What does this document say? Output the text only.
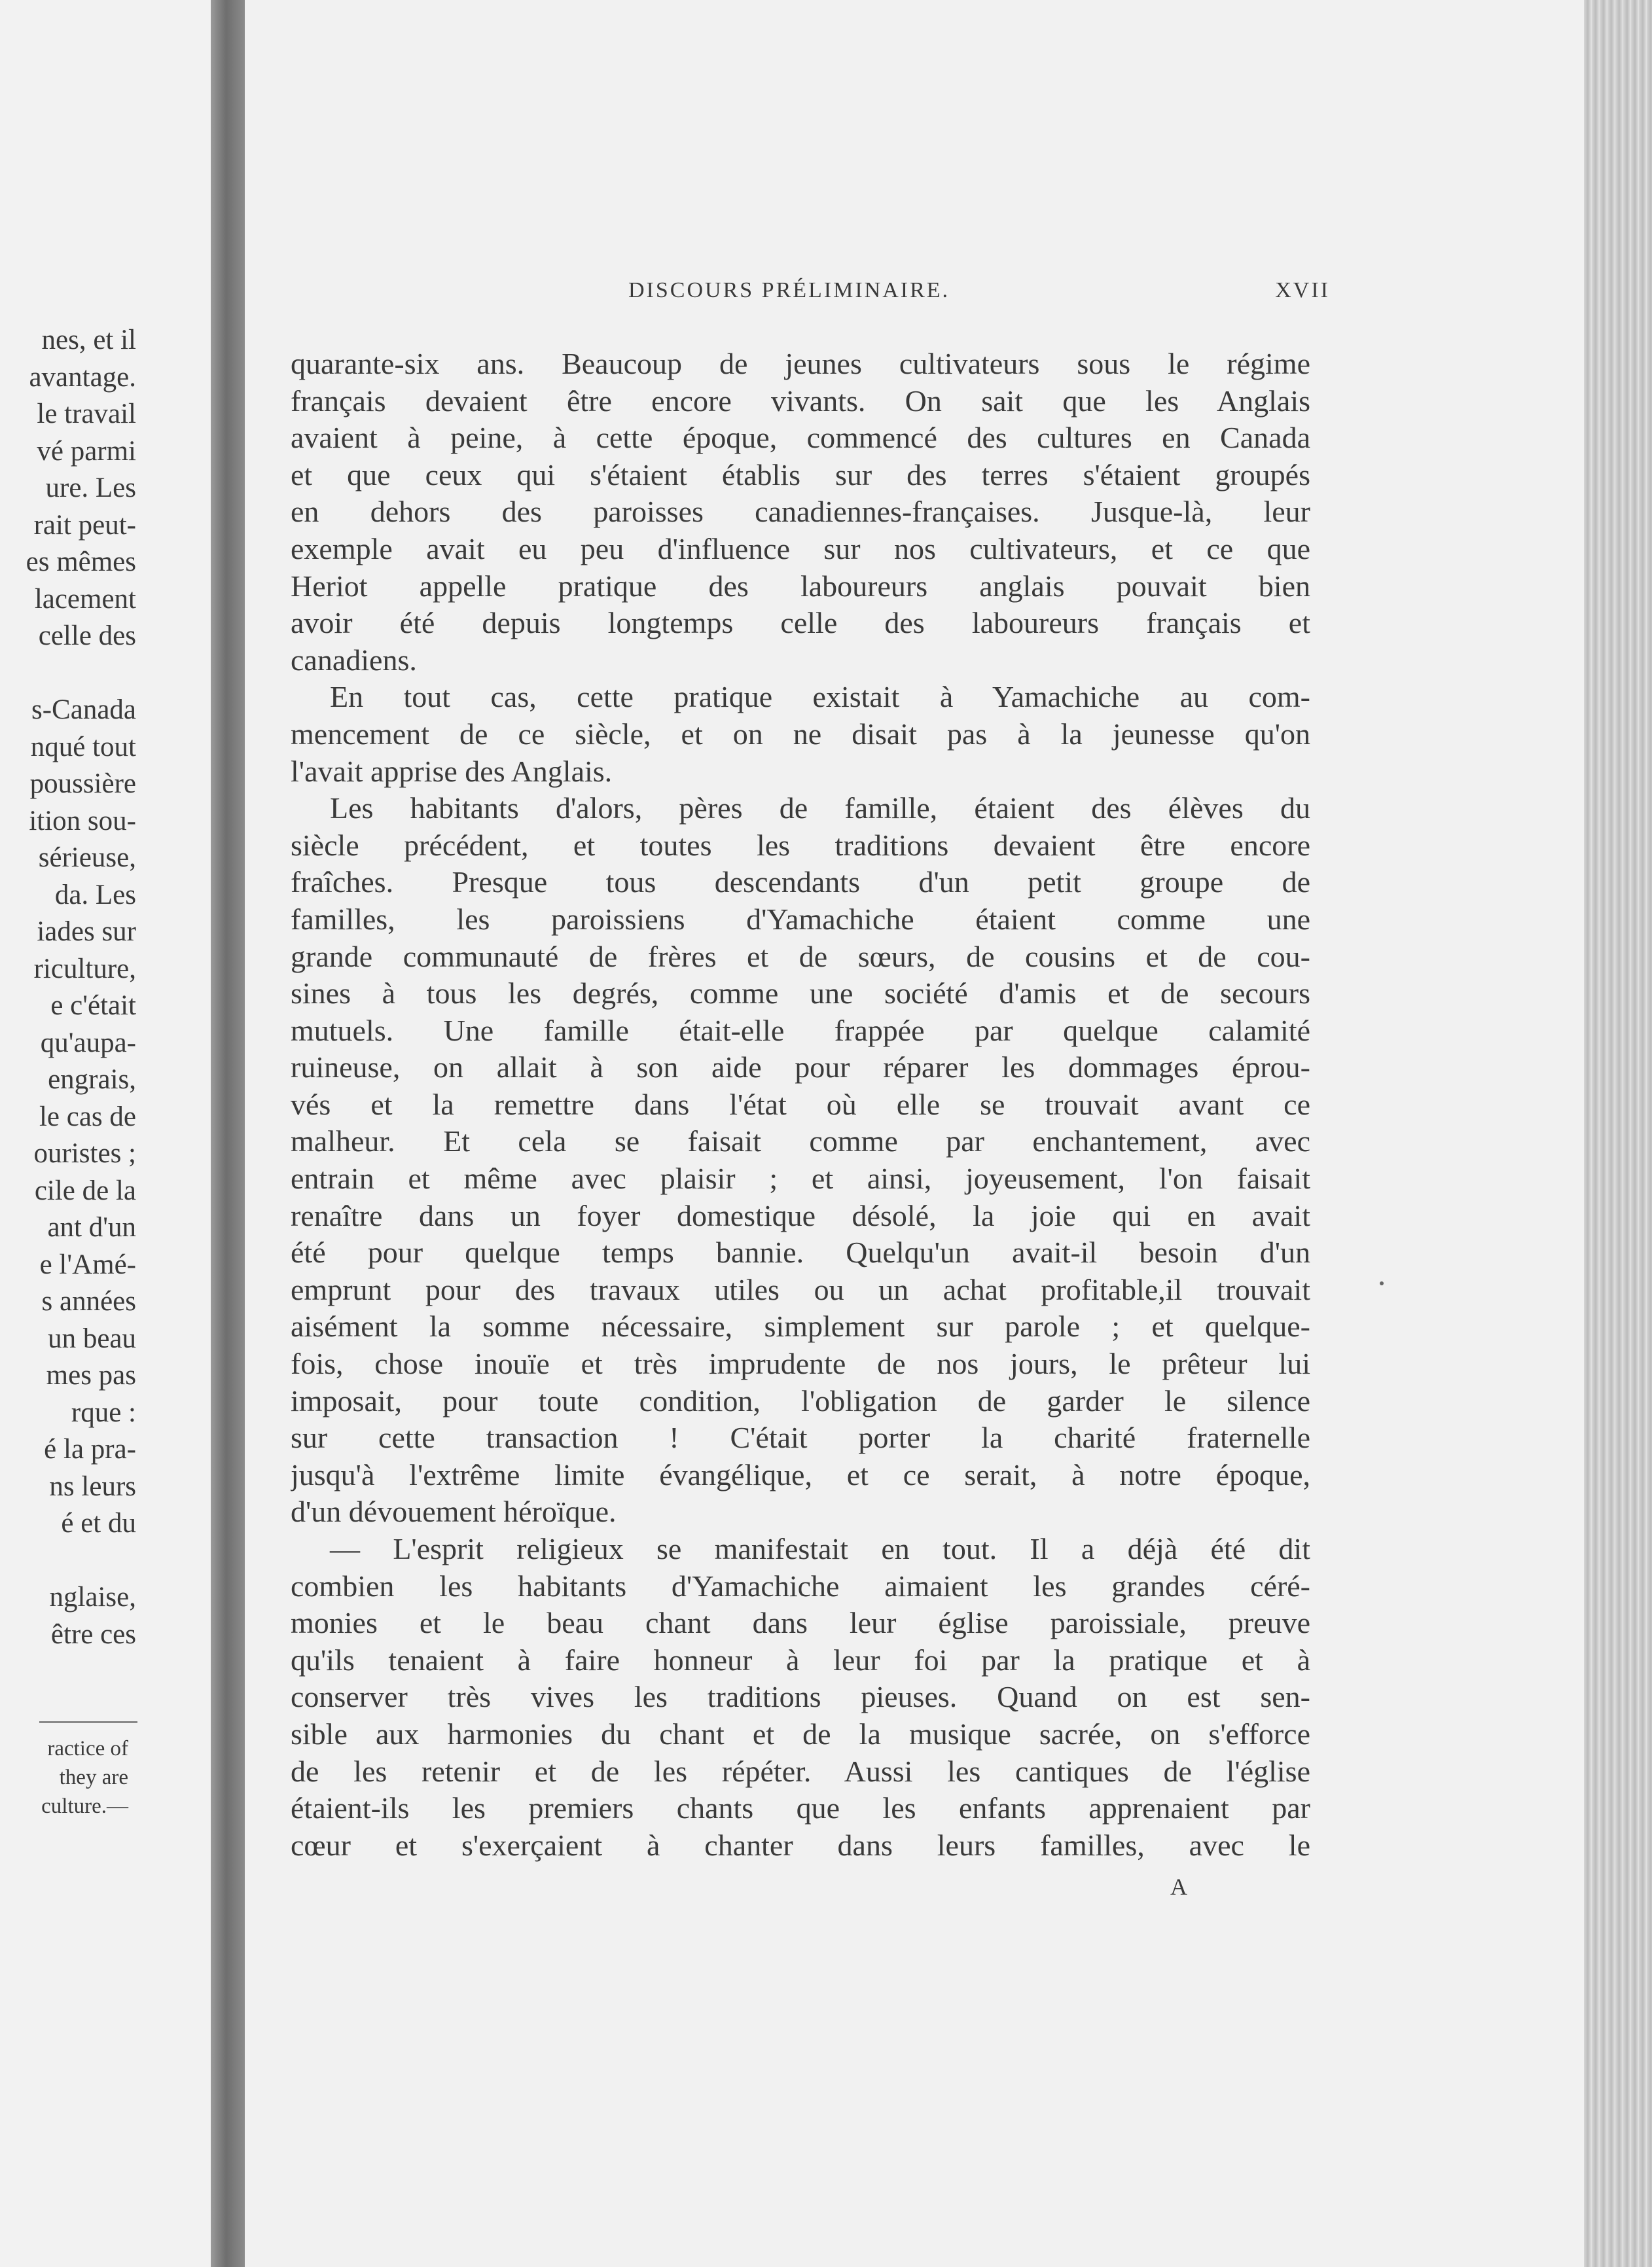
nes, et il
avantage.
le travail
vé parmi
ure. Les
rait peut-
es mêmes
lacement
celle des
s-Canada
nqué tout
poussière
ition sou-
sérieuse,
da. Les
iades sur
riculture,
e c'était
qu'aupa-
engrais,
le cas de
ouristes ;
cile de la
ant d'un
e l'Amé-
s années
un beau
mes pas
rque :
é la pra-
ns leurs
é et du
nglaise,
être ces
ractice of
they are
culture.—
DISCOURS PRÉLIMINAIRE.	XVII
quarante-six ans. Beaucoup de jeunes cultivateurs sous le régime
français devaient être encore vivants. On sait que les Anglais
avaient à peine, à cette époque, commencé des cultures en Canada
et que ceux qui s'étaient établis sur des terres s'étaient groupés
en dehors des paroisses canadiennes-françaises. Jusque-là, leur
exemple avait eu peu d'influence sur nos cultivateurs, et ce que
Heriot appelle pratique des laboureurs anglais pouvait bien
avoir été depuis longtemps celle des laboureurs français et
canadiens.
En tout cas, cette pratique existait à Yamachiche au com-
mencement de ce siècle, et on ne disait pas à la jeunesse qu'on
l'avait apprise des Anglais.
Les habitants d'alors, pères de famille, étaient des élèves du
siècle précédent, et toutes les traditions devaient être encore
fraîches. Presque tous descendants d'un petit groupe de
familles, les paroissiens d'Yamachiche étaient comme une
grande communauté de frères et de sœurs, de cousins et de cou-
sines à tous les degrés, comme une société d'amis et de secours
mutuels. Une famille était-elle frappée par quelque calamité
ruineuse, on allait à son aide pour réparer les dommages éprou-
vés et la remettre dans l'état où elle se trouvait avant ce
malheur. Et cela se faisait comme par enchantement, avec
entrain et même avec plaisir ; et ainsi, joyeusement, l'on faisait
renaître dans un foyer domestique désolé, la joie qui en avait
été pour quelque temps bannie. Quelqu'un avait-il besoin d'un
emprunt pour des travaux utiles ou un achat profitable,il trouvait
aisément la somme nécessaire, simplement sur parole ; et quelque-
fois, chose inouïe et très imprudente de nos jours, le prêteur lui
imposait, pour toute condition, l'obligation de garder le silence
sur cette transaction ! C'était porter la charité fraternelle
jusqu'à l'extrême limite évangélique, et ce serait, à notre époque,
d'un dévouement héroïque.
— L'esprit religieux se manifestait en tout. Il a déjà été dit
combien les habitants d'Yamachiche aimaient les grandes céré-
monies et le beau chant dans leur église paroissiale, preuve
qu'ils tenaient à faire honneur à leur foi par la pratique et à
conserver très vives les traditions pieuses. Quand on est sen-
sible aux harmonies du chant et de la musique sacrée, on s'efforce
de les retenir et de les répéter. Aussi les cantiques de l'église
étaient-ils les premiers chants que les enfants apprenaient par
cœur et s'exerçaient à chanter dans leurs familles, avec le
A
